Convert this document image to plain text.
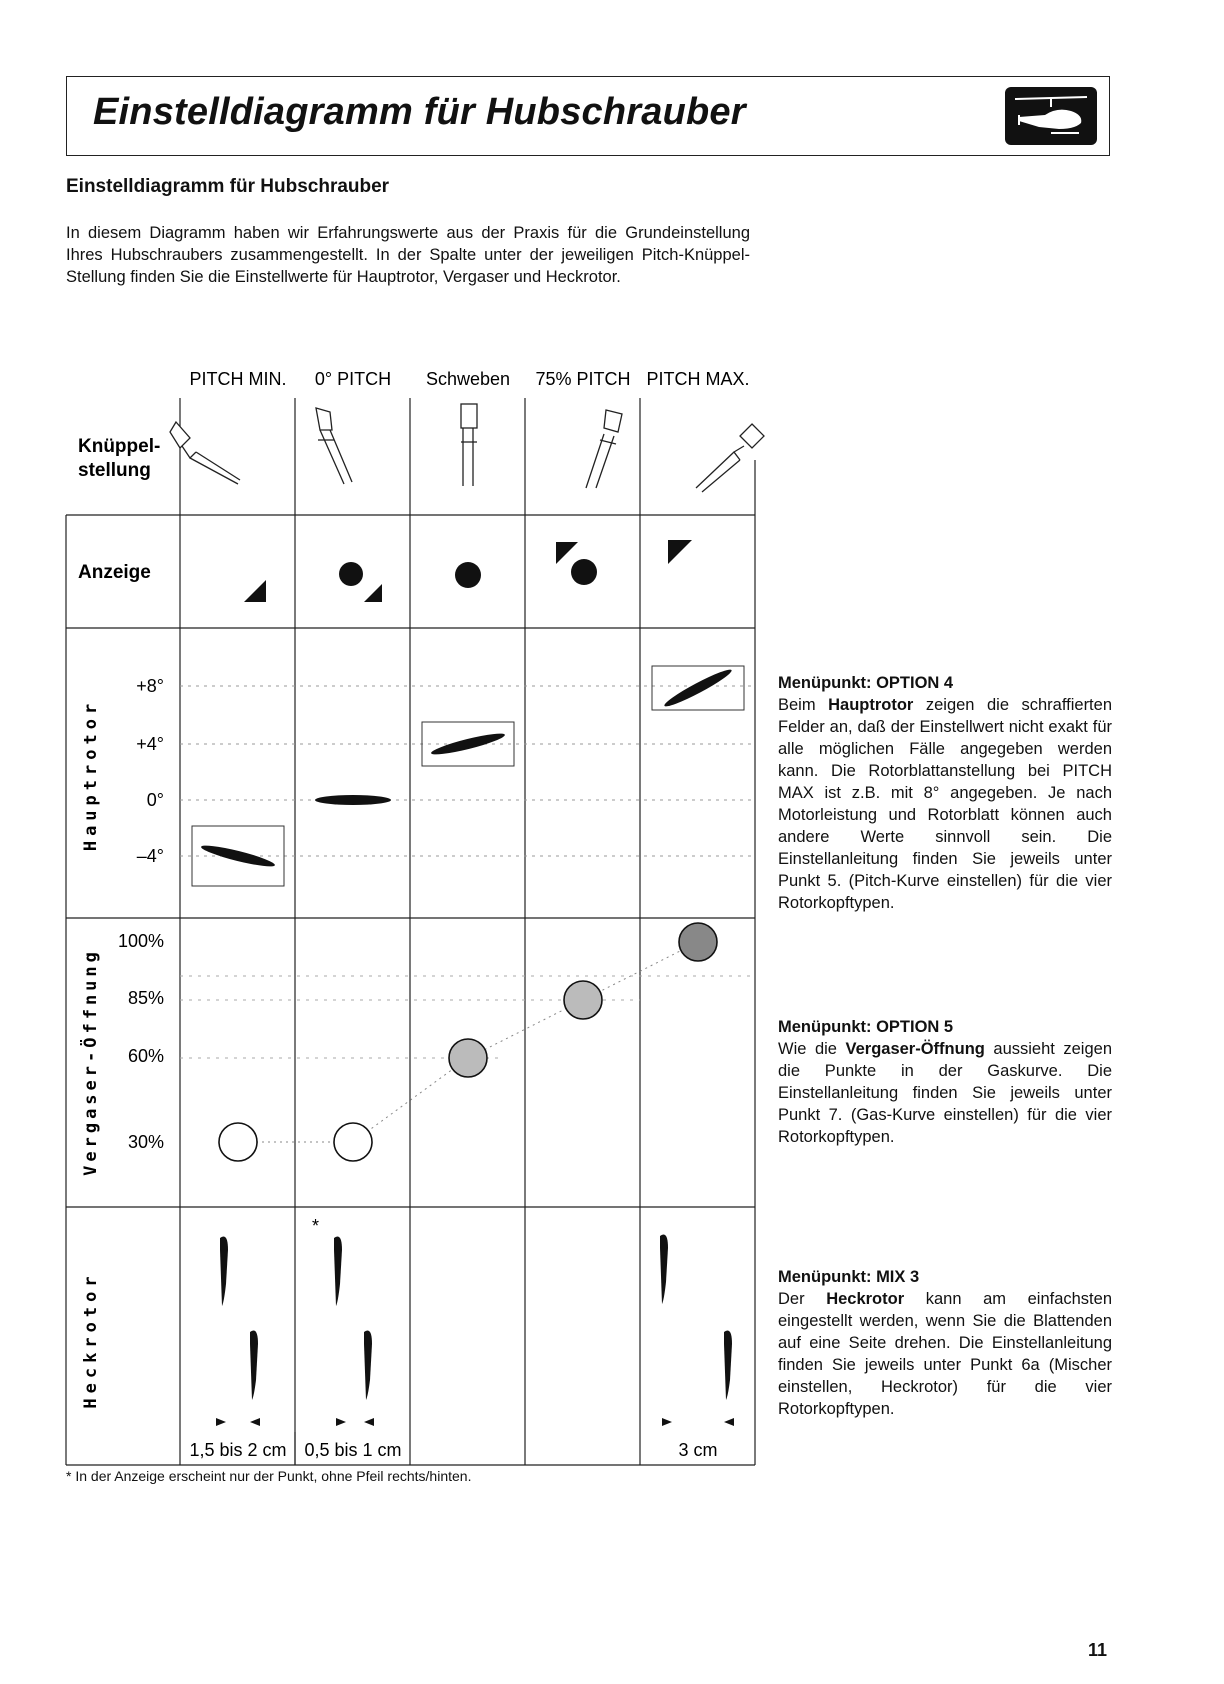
Einstelldiagramm für Hubschrauber
Einstelldiagramm für Hubschrauber
In diesem Diagramm haben wir Erfahrungswerte aus der Praxis für die Grundeinstellung Ihres Hubschraubers zusammengestellt. In der Spalte unter der jeweiligen Pitch-Knüppel-Stellung finden Sie die Einstellwerte für Hauptrotor, Vergaser und Heckrotor.
PITCH MIN. 0° PITCH Schweben 75% PITCH PITCH MAX.
Knüppel-
stellung
Anzeige
Hauptrotor
Vergaser-Öffnung
Heckrotor
+8°
+4°
0°
–4°
100%
85%
60%
30%
*
1,5 bis 2 cm 0,5 bis 1 cm	3 cm
Menüpunkt: OPTION 4
Beim Hauptrotor zeigen die schraffierten Felder an, daß der Einstellwert nicht exakt für alle möglichen Fälle angegeben werden kann. Die Rotorblattanstellung bei PITCH MAX ist z.B. mit 8° angegeben. Je nach Motorleistung und Rotorblatt können auch andere Werte sinnvoll sein. Die Einstellanleitung finden Sie jeweils unter Punkt 5. (Pitch-Kurve einstellen) für die vier Rotorkopftypen.
Menüpunkt: OPTION 5
Wie die Vergaser-Öffnung aussieht zeigen die Punkte in der Gaskurve. Die Einstellanleitung finden Sie jeweils unter Punkt 7. (Gas-Kurve einstellen) für die vier Rotorkopftypen.
Menüpunkt: MIX 3
Der Heckrotor kann am einfachsten eingestellt werden, wenn Sie die Blattenden auf eine Seite drehen. Die Einstellanleitung finden Sie jeweils unter Punkt 6a (Mischer einstellen, Heckrotor) für die vier Rotorkopftypen.
* In der Anzeige erscheint nur der Punkt, ohne Pfeil rechts/hinten.
11
